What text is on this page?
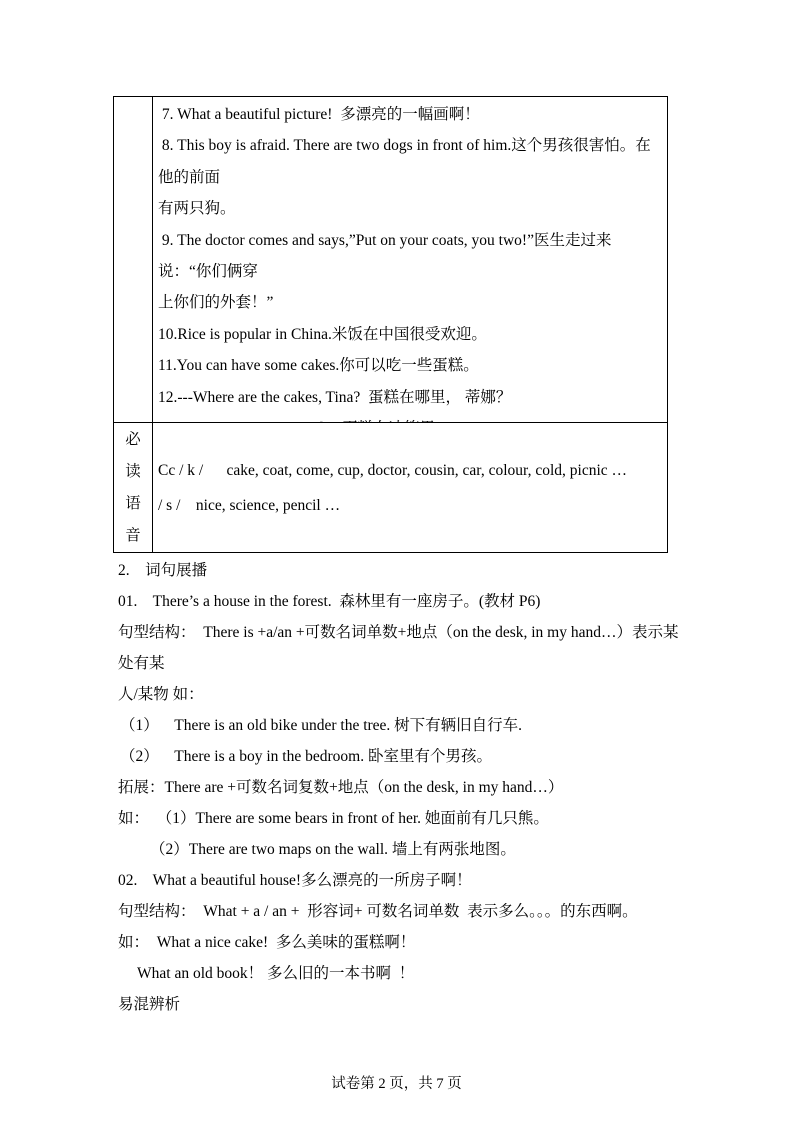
7. What a beautiful picture!  多漂亮的一幅画啊！
8. This boy is afraid. There are two dogs in front of him.这个男孩很害怕。在他的前面
有两只狗。
9. The doctor comes and says,”Put on your coats, you two!”医生走过来说：“你们俩穿
上你们的外套！”
10.Rice is popular in China.米饭在中国很受欢迎。
11.You can have some cakes.你可以吃一些蛋糕。
12.---Where are the cakes, Tina?  蛋糕在哪里， 蒂娜？
必
读
语
音
Cc / k /      cake, coat, come, cup, doctor, cousin, car, colour, cold, picnic …
/ s /    nice, science, pencil …
2.    词句展播
01.    There’s a house in the forest.  森林里有一座房子。(教材 P6)
句型结构：  There is +a/an +可数名词单数+地点（on the desk, in my hand…）表示某处有某
人/某物 如：
（1）    There is an old bike under the tree. 树下有辆旧自行车.
（2）    There is a boy in the bedroom. 卧室里有个男孩。
拓展：There are +可数名词复数+地点（on the desk, in my hand…）
如：  （1）There are some bears in front of her. 她面前有几只熊。
（2）There are two maps on the wall. 墙上有两张地图。
02.    What a beautiful house!多么漂亮的一所房子啊！
句型结构：  What + a / an +  形容词+ 可数名词单数  表示多么。。。的东西啊。
如：  What a nice cake!  多么美味的蛋糕啊！
What an old book！ 多么旧的一本书啊  ！
易混辨析
试卷第 2 页，共 7 页
